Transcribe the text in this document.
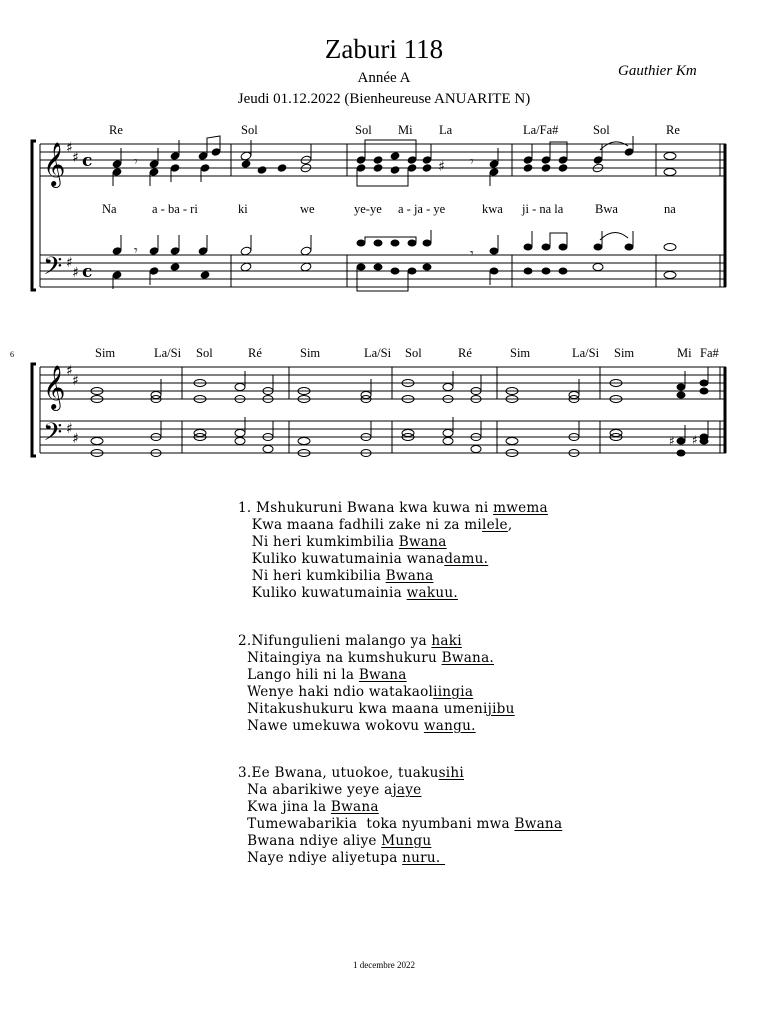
Zaburi 118
Année A
Jeudi 01.12.2022 (Bienheureuse ANUARITE N)
Gauthier Km
Re	Sol	Sol Mi La	La/Fa#	Sol	Re
Na	a - ba - ri	ki	we	ye-ye a - ja - ye	kwa ji - na la	Bwa	na
Sim	La/Si Sol	Ré	Sim	La/Si Sol	Ré	Sim	La/Si Sim	Mi Fa#
6
𝄞
𝄢
♯
♯
♯
♯
c
c
𝄾
𝄾
𝄾
𝄾
♯
𝄞
𝄢
♯
♯
♯
♯	♯ ♯
1. Mshukuruni Bwana kwa kuwa ni mwema
Kwa maana fadhili zake ni za milele,
Ni heri kumkimbilia Bwana
Kuliko kuwatumainia wanadamu.
Ni heri kumkibilia Bwana
Kuliko kuwatumainia wakuu.
2.Nifungulieni malango ya haki
Nitaingiya na kumshukuru Bwana.
Lango hili ni la Bwana
Wenye haki ndio watakaoliingia
Nitakushukuru kwa maana umenijibu
Nawe umekuwa wokovu wangu.
3.Ee Bwana, utuokoe, tuakusihi
Na abarikiwe yeye ajaye
Kwa jina la Bwana
Tumewabarikia  toka nyumbani mwa Bwana
Bwana ndiye aliye Mungu
Naye ndiye aliyetupa nuru.
1 decembre 2022
